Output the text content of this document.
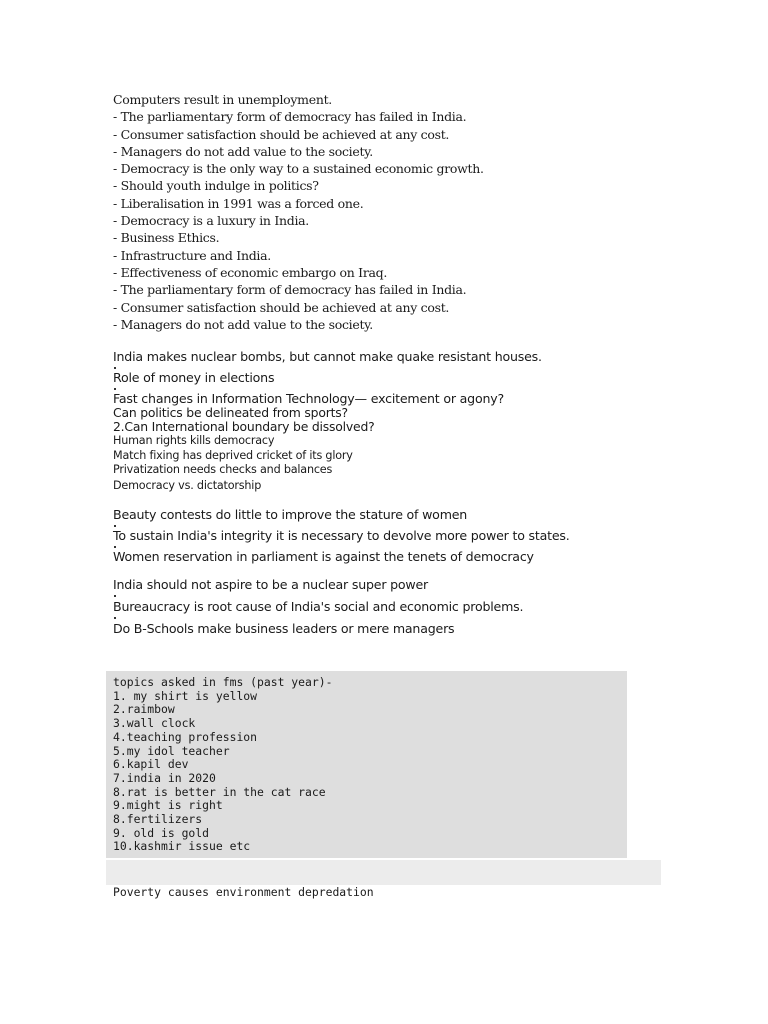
Computers result in unemployment.
- The parliamentary form of democracy has failed in India.
- Consumer satisfaction should be achieved at any cost.
- Managers do not add value to the society.
- Democracy is the only way to a sustained economic growth.
- Should youth indulge in politics?
- Liberalisation in 1991 was a forced one.
- Democracy is a luxury in India.
- Business Ethics.
- Infrastructure and India.
- Effectiveness of economic embargo on Iraq.
- The parliamentary form of democracy has failed in India.
- Consumer satisfaction should be achieved at any cost.
- Managers do not add value to the society.
India makes nuclear bombs, but cannot make quake resistant houses.
Role of money in elections
Fast changes in Information Technology— excitement or agony?
Can politics be delineated from sports?
2.Can International boundary be dissolved?
Human rights kills democracy
Match fixing has deprived cricket of its glory
Privatization needs checks and balances
Democracy vs. dictatorship
Beauty contests do little to improve the stature of women
To sustain India's integrity it is necessary to devolve more power to states.
Women reservation in parliament is against the tenets of democracy
India should not aspire to be a nuclear super power
Bureaucracy is root cause of India's social and economic problems.
Do B-Schools make business leaders or mere managers
topics asked in fms (past year)-
1. my shirt is yellow
2.raimbow
3.wall clock
4.teaching profession
5.my idol teacher
6.kapil dev
7.india in 2020
8.rat is better in the cat race
9.might is right
8.fertilizers
9. old is gold
10.kashmir issue etc
Poverty causes environment depredation
